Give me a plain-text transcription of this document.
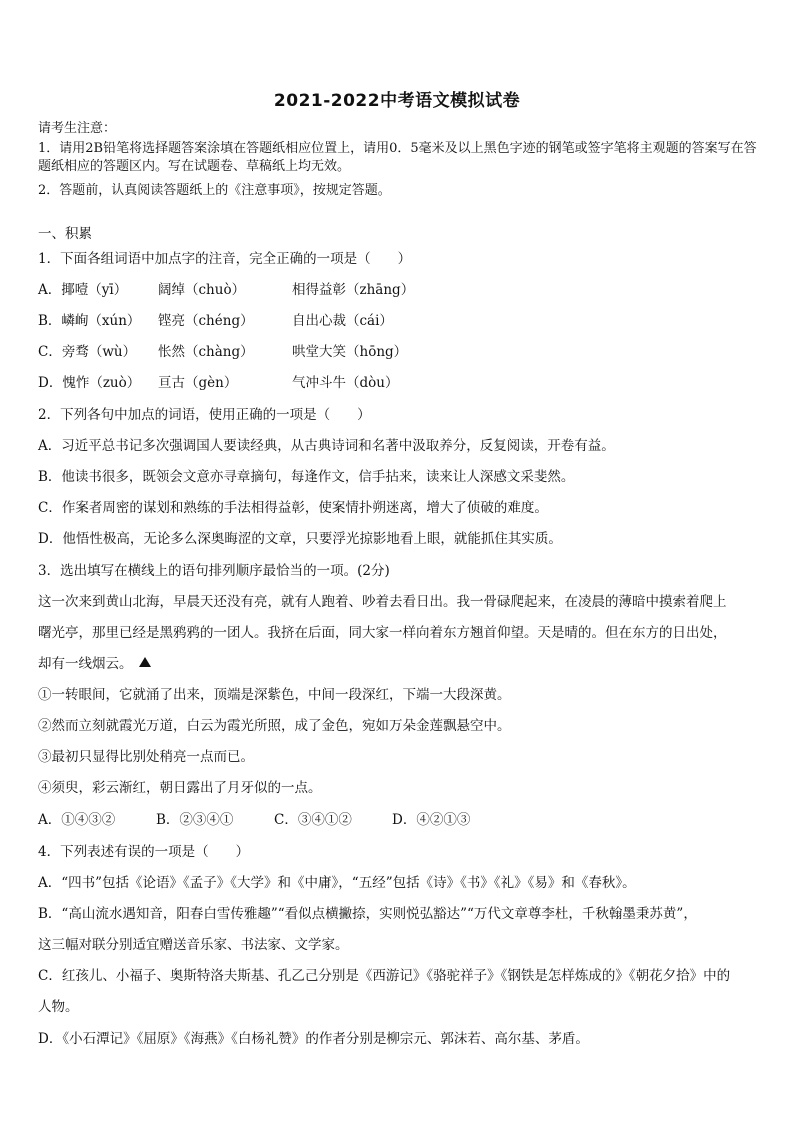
2021-2022中考语文模拟试卷
请考生注意：
1．请用2B铅笔将选择题答案涂填在答题纸相应位置上，请用0．5毫米及以上黑色字迹的钢笔或签字笔将主观题的答案写在答题纸相应的答题区内。写在试题卷、草稿纸上均无效。
2．答题前，认真阅读答题纸上的《注意事项》，按规定答题。
一、积累
1．下面各组词语中加点字的注音，完全正确的一项是（　　）
A．揶噎（yī） 阔绰（chuò）	相得益彰（zhāng）
B．嶙峋（xún） 铿亮（chéng）	自出心裁（cái）
C．旁骛（wù） 怅然（chàng）	哄堂大笑（hōng）
D．愧怍（zuò） 亘古（gèn）	气冲斗牛（dòu）
2．下列各句中加点的词语，使用正确的一项是（　　）
A．习近平总书记多次强调国人要读经典，从古典诗词和名著中汲取养分，反复阅读，开卷有益。
B．他读书很多，既领会文意亦寻章摘句，每逢作文，信手拈来，读来让人深感文采斐然。
C．作案者周密的谋划和熟练的手法相得益彰，使案情扑朔迷离，增大了侦破的难度。
D．他悟性极高，无论多么深奥晦涩的文章，只要浮光掠影地看上眼，就能抓住其实质。
3．选出填写在横线上的语句排列顺序最恰当的一项。(2分)
这一次来到黄山北海，早晨天还没有亮，就有人跑着、吵着去看日出。我一骨碌爬起来，在凌晨的薄暗中摸索着爬上
曙光亭，那里已经是黑鸦鸦的一团人。我挤在后面，同大家一样向着东方翘首仰望。天是晴的。但在东方的日出处，
却有一线烟云。
①一转眼间，它就涌了出来，顶端是深紫色，中间一段深红，下端一大段深黄。
②然而立刻就霞光万道，白云为霞光所照，成了金色，宛如万朵金莲飘悬空中。
③最初只显得比别处稍亮一点而已。
④须臾，彩云渐红，朝日露出了月牙似的一点。
A．①④③②	B．②③④①	C．③④①②	D．④②①③
4．下列表述有误的一项是（　　）
A．“四书”包括《论语》《孟子》《大学》和《中庸》，“五经”包括《诗》《书》《礼》《易》和《春秋》。
B．“高山流水遇知音，阳春白雪传雅趣”“看似点横撇捺，实则悦弘豁达”“万代文章尊李杜，千秋翰墨秉苏黄”，
这三幅对联分别适宜赠送音乐家、书法家、文学家。
C．红孩儿、小福子、奥斯特洛夫斯基、孔乙己分别是《西游记》《骆驼祥子》《钢铁是怎样炼成的》《朝花夕拾》中的
人物。
D．《小石潭记》《屈原》《海燕》《白杨礼赞》的作者分别是柳宗元、郭沫若、高尔基、茅盾。
